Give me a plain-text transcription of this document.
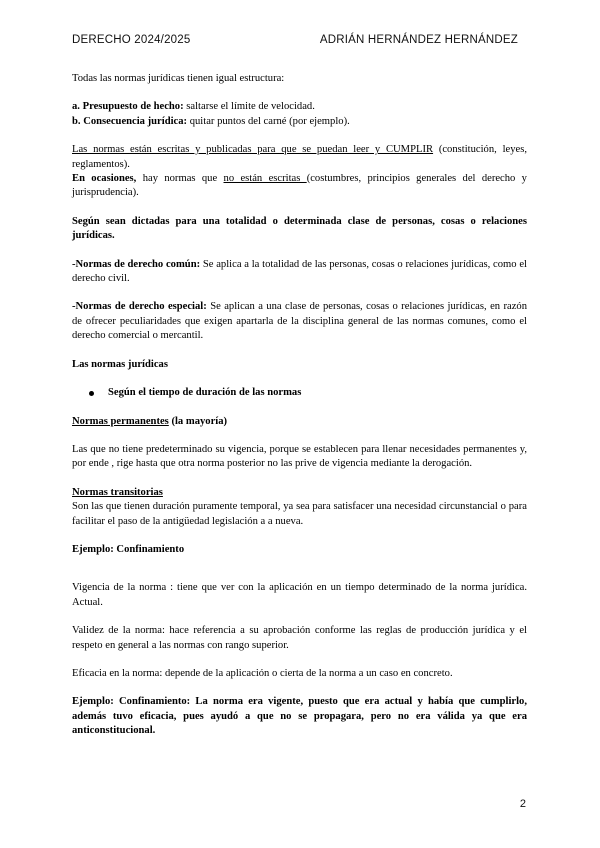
DERECHO 2024/2025	ADRIÁN HERNÁNDEZ HERNÁNDEZ

Todas las normas jurídicas tienen igual estructura:

a. Presupuesto de hecho: saltarse el límite de velocidad.

b. Consecuencia jurídica: quitar puntos del carné (por ejemplo).

Las normas están escritas y publicadas para que se puedan leer y CUMPLIR (constitución, leyes, reglamentos).

En ocasiones, hay normas que no están escritas (costumbres, principios generales del derecho y jurisprudencia).

Según sean dictadas para una totalidad o determinada clase de personas, cosas o relaciones jurídicas.

-Normas de derecho común: Se aplica a la totalidad de las personas, cosas o relaciones jurídicas, como el derecho civil.

-Normas de derecho especial: Se aplican a una clase de personas, cosas o relaciones jurídicas, en razón de ofrecer peculiaridades que exigen apartarla de la disciplina general de las normas comunes, como el derecho comercial o mercantil.

Las normas jurídicas

Según el tiempo de duración de las normas

Normas permanentes (la mayoría)

Las que no tiene predeterminado su vigencia, porque se establecen para llenar necesidades permanentes y, por ende , rige hasta que otra norma posterior no las prive de vigencia mediante la derogación.

Normas transitorias

Son las que tienen duración puramente temporal, ya sea para satisfacer una necesidad circunstancial o para facilitar el paso de la antigüedad legislación a a nueva.

Ejemplo: Confinamiento

Vigencia de la norma : tiene que ver con la aplicación en un tiempo determinado de la norma jurídica. Actual.

Validez de la norma: hace referencia a su aprobación conforme las reglas de producción jurídica y el respeto en general a las normas con rango superior.

Eficacia en la norma: depende de la aplicación o cierta de la norma a un caso en concreto.

Ejemplo: Confinamiento: La norma era vigente, puesto que era actual y había que cumplirlo, además tuvo eficacia, pues ayudó a que no se propagara, pero no era válida ya que era anticonstitucional.

2
